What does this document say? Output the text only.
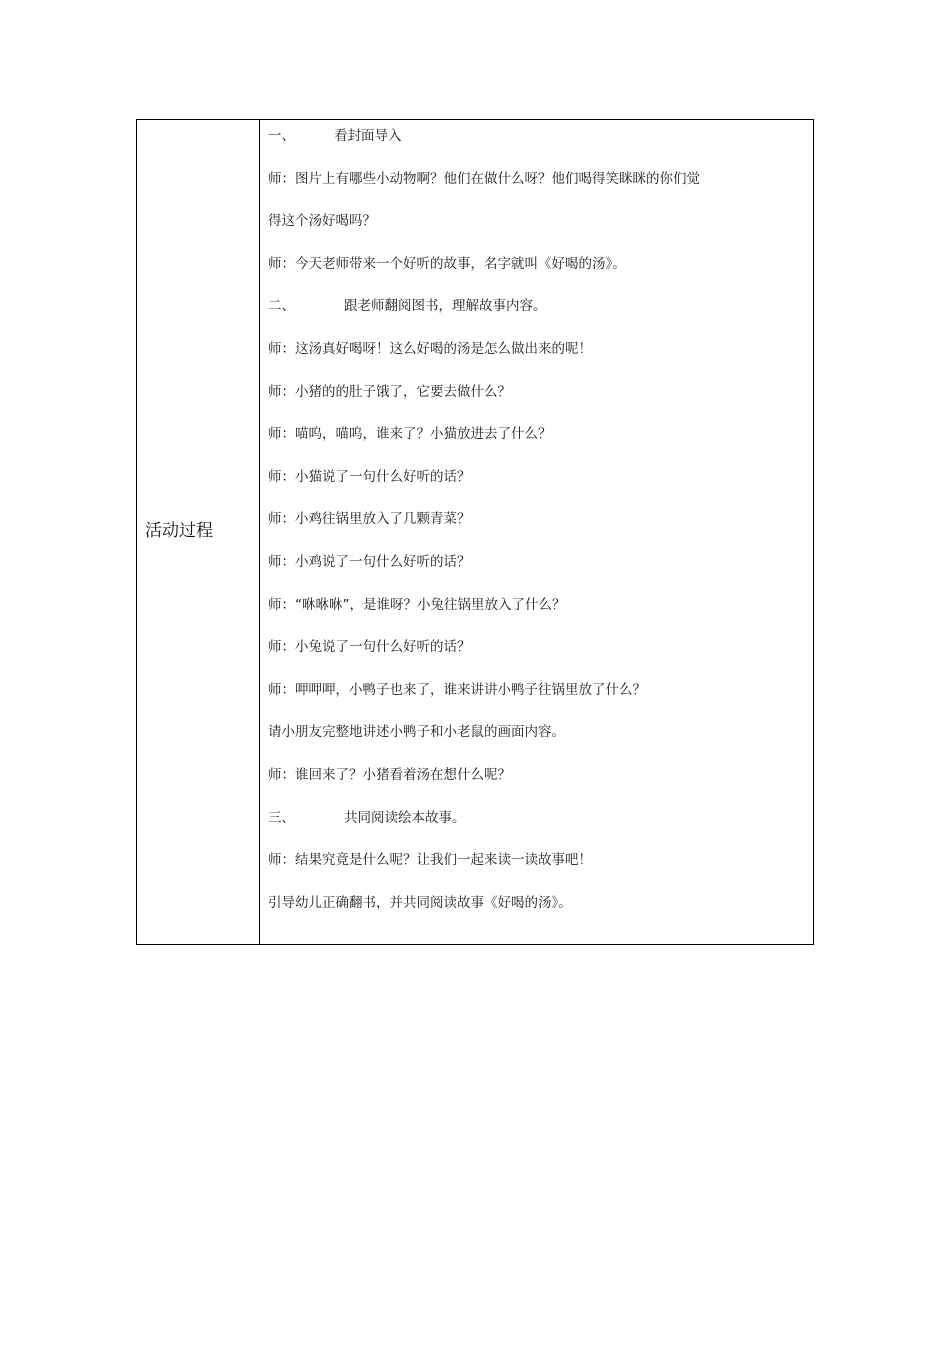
活动过程

一、	看封面导入
师：图片上有哪些小动物啊？他们在做什么呀？他们喝得笑眯眯的你们觉
得这个汤好喝吗？
师：今天老师带来一个好听的故事，名字就叫《好喝的汤》。
二、	跟老师翻阅图书，理解故事内容。
师：这汤真好喝呀！这么好喝的汤是怎么做出来的呢！
师：小猪的的肚子饿了，它要去做什么？
师：喵呜，喵呜，谁来了？小猫放进去了什么？
师：小猫说了一句什么好听的话？
师：小鸡往锅里放入了几颗青菜？
师：小鸡说了一句什么好听的话？
师：“咻咻咻”，是谁呀？小兔往锅里放入了什么？
师：小兔说了一句什么好听的话？
师：呷呷呷，小鸭子也来了，谁来讲讲小鸭子往锅里放了什么？
请小朋友完整地讲述小鸭子和小老鼠的画面内容。
师：谁回来了？小猪看着汤在想什么呢？
三、	共同阅读绘本故事。
师：结果究竟是什么呢？让我们一起来读一读故事吧！
引导幼儿正确翻书，并共同阅读故事《好喝的汤》。
